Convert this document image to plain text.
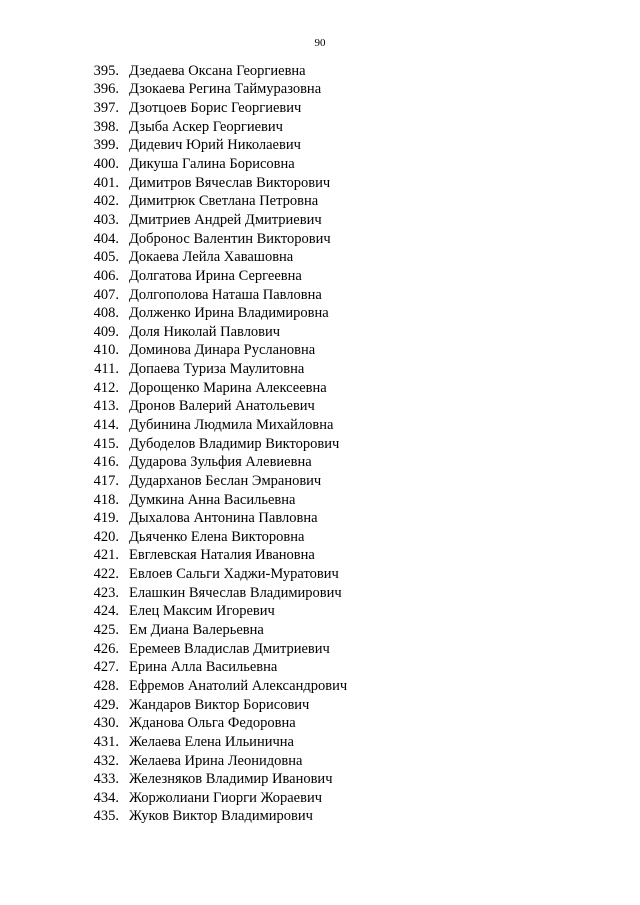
90
395. Дзедаева Оксана Георгиевна
396. Дзокаева Регина Таймуразовна
397. Дзотцоев Борис Георгиевич
398. Дзыба Аскер Георгиевич
399. Дидевич Юрий Николаевич
400. Дикуша Галина Борисовна
401. Димитров Вячеслав Викторович
402. Димитрюк Светлана Петровна
403. Дмитриев Андрей Дмитриевич
404. Добронос Валентин Викторович
405. Докаева Лейла Хавашовна
406. Долгатова Ирина Сергеевна
407. Долгополова Наташа Павловна
408. Долженко Ирина Владимировна
409. Доля Николай Павлович
410. Доминова Динара Руслановна
411. Допаева Туриза Маулитовна
412. Дорощенко Марина Алексеевна
413. Дронов Валерий Анатольевич
414. Дубинина Людмила Михайловна
415. Дубоделов Владимир Викторович
416. Дударова Зульфия Алевиевна
417. Дударханов Беслан Эмранович
418. Думкина Анна Васильевна
419. Дыхалова Антонина Павловна
420. Дьяченко Елена Викторовна
421. Евглевская Наталия Ивановна
422. Евлоев Сальги Хаджи-Муратович
423. Елашкин Вячеслав Владимирович
424. Елец Максим Игоревич
425. Ем Диана Валерьевна
426. Еремеев Владислав Дмитриевич
427. Ерина Алла Васильевна
428. Ефремов Анатолий Александрович
429. Жандаров Виктор Борисович
430. Жданова Ольга Федоровна
431. Желаева Елена Ильинична
432. Желаева Ирина Леонидовна
433. Железняков Владимир Иванович
434. Жоржолиани Гиорги Жораевич
435. Жуков Виктор Владимирович
